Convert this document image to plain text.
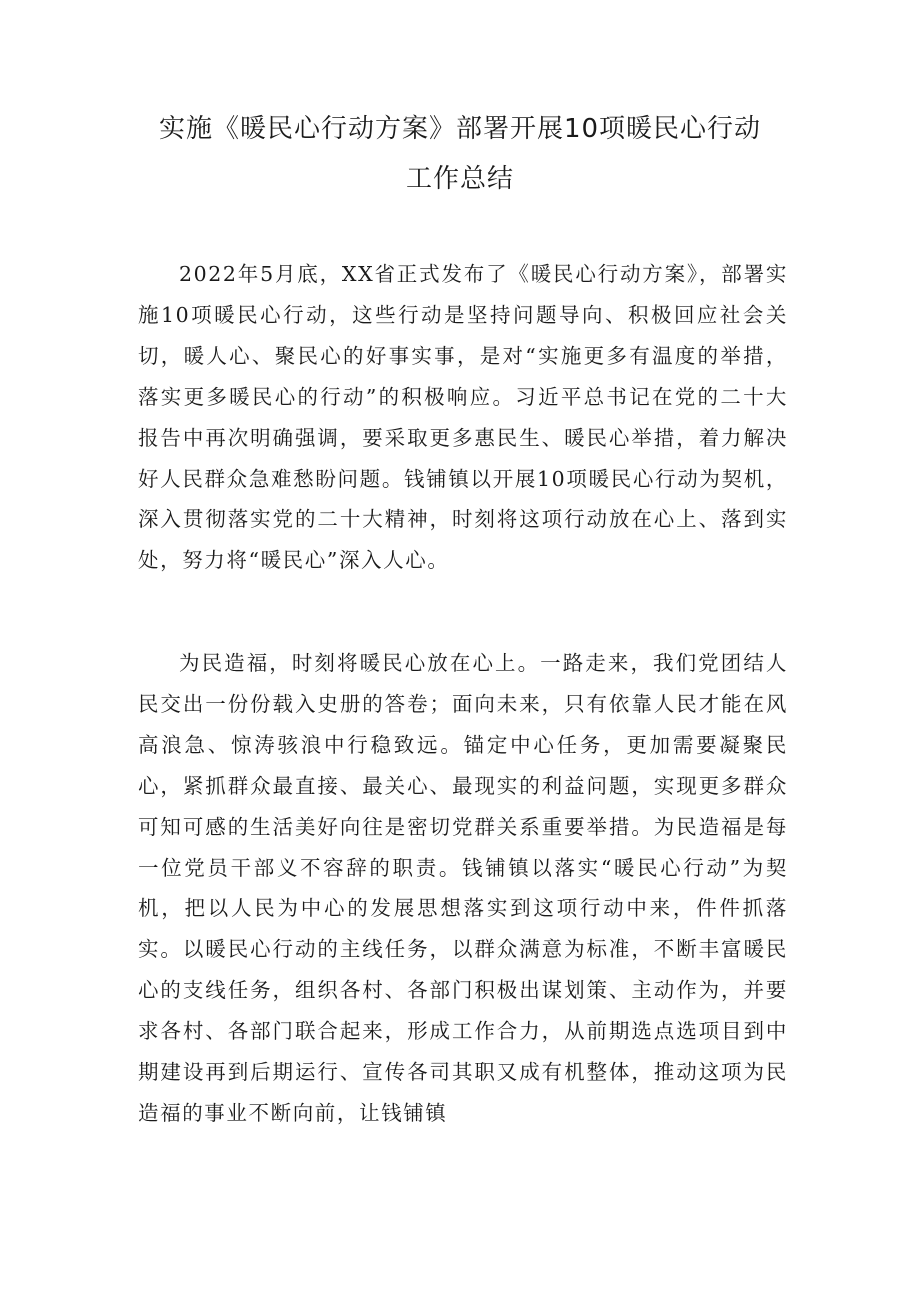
实施《暖民心行动方案》部署开展10项暖民心行动
工作总结

2022年5月底，XX省正式发布了《暖民心行动方案》，部署实施10项暖民心行动，这些行动是坚持问题导向、积极回应社会关切，暖人心、聚民心的好事实事，是对“实施更多有温度的举措，落实更多暖民心的行动”的积极响应。习近平总书记在党的二十大报告中再次明确强调，要采取更多惠民生、暖民心举措，着力解决好人民群众急难愁盼问题。钱铺镇以开展10项暖民心行动为契机，深入贯彻落实党的二十大精神，时刻将这项行动放在心上、落到实处，努力将“暖民心”深入人心。

为民造福，时刻将暖民心放在心上。一路走来，我们党团结人民交出一份份载入史册的答卷；面向未来，只有依靠人民才能在风高浪急、惊涛骇浪中行稳致远。锚定中心任务，更加需要凝聚民心，紧抓群众最直接、最关心、最现实的利益问题，实现更多群众可知可感的生活美好向往是密切党群关系重要举措。为民造福是每一位党员干部义不容辞的职责。钱铺镇以落实“暖民心行动”为契机，把以人民为中心的发展思想落实到这项行动中来，件件抓落实。以暖民心行动的主线任务，以群众满意为标准，不断丰富暖民心的支线任务，组织各村、各部门积极出谋划策、主动作为，并要求各村、各部门联合起来，形成工作合力，从前期选点选项目到中期建设再到后期运行、宣传各司其职又成有机整体，推动这项为民造福的事业不断向前，让钱铺镇
